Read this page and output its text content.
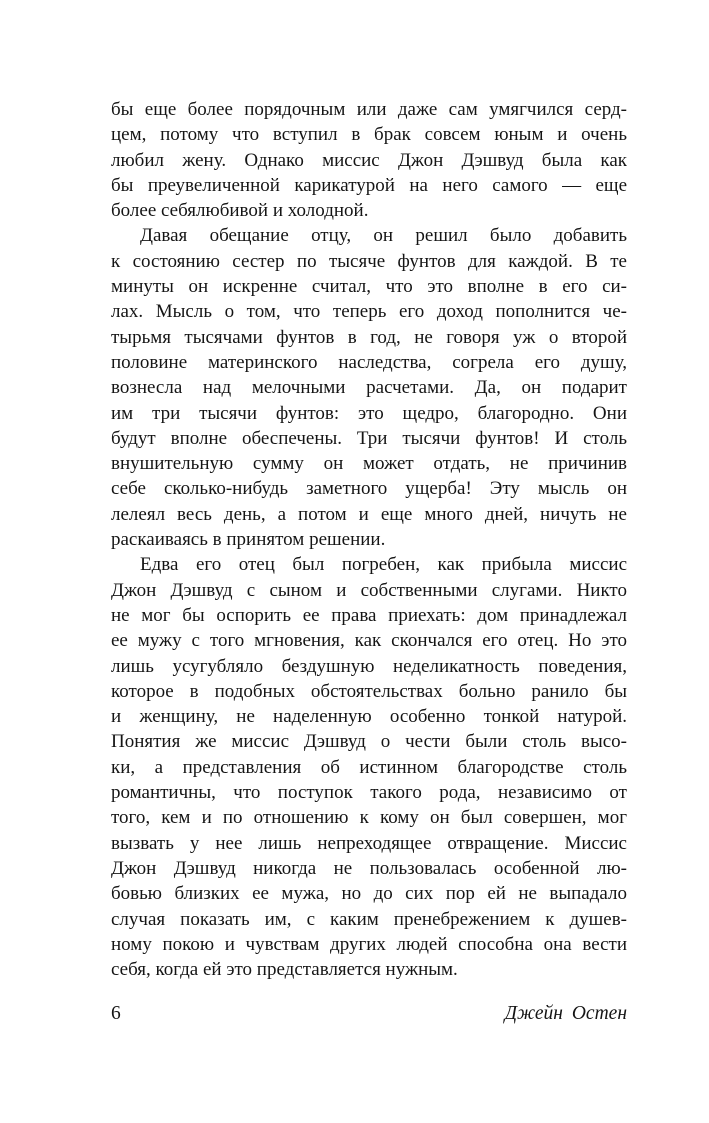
бы еще более порядочным или даже сам умягчился серд-
цем, потому что вступил в брак совсем юным и очень
любил жену. Однако миссис Джон Дэшвуд была как
бы преувеличенной карикатурой на него самого — еще
более себялюбивой и холодной.
Давая обещание отцу, он решил было добавить
к состоянию сестер по тысяче фунтов для каждой. В те
минуты он искренне считал, что это вполне в его си-
лах. Мысль о том, что теперь его доход пополнится че-
тырьмя тысячами фунтов в год, не говоря уж о второй
половине материнского наследства, согрела его душу,
вознесла над мелочными расчетами. Да, он подарит
им три тысячи фунтов: это щедро, благородно. Они
будут вполне обеспечены. Три тысячи фунтов! И столь
внушительную сумму он может отдать, не причинив
себе сколько-нибудь заметного ущерба! Эту мысль он
лелеял весь день, а потом и еще много дней, ничуть не
раскаиваясь в принятом решении.
Едва его отец был погребен, как прибыла миссис
Джон Дэшвуд с сыном и собственными слугами. Никто
не мог бы оспорить ее права приехать: дом принадлежал
ее мужу с того мгновения, как скончался его отец. Но это
лишь усугубляло бездушную неделикатность поведения,
которое в подобных обстоятельствах больно ранило бы
и женщину, не наделенную особенно тонкой натурой.
Понятия же миссис Дэшвуд о чести были столь высо-
ки, а представления об истинном благородстве столь
романтичны, что поступок такого рода, независимо от
того, кем и по отношению к кому он был совершен, мог
вызвать у нее лишь непреходящее отвращение. Миссис
Джон Дэшвуд никогда не пользовалась особенной лю-
бовью близких ее мужа, но до сих пор ей не выпадало
случая показать им, с каким пренебрежением к душев-
ному покою и чувствам других людей способна она вести
себя, когда ей это представляется нужным.
6	Джейн Остен
